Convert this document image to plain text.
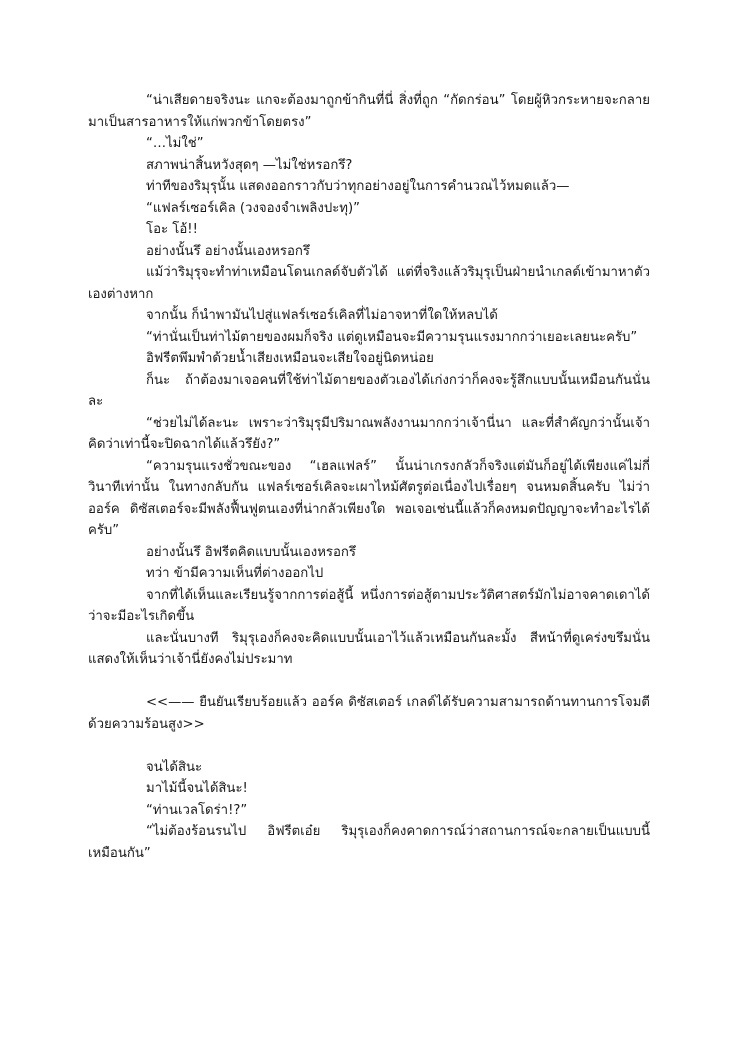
“น่าเสียดายจริงนะ แกจะต้องมาถูกข้ากินที่นี่ สิ่งที่ถูก “กัดกร่อน” โดยผู้หิวกระหายจะกลายมาเป็นสารอาหารให้แก่พวกข้าโดยตรง”

“…ไม่ใช่”

สภาพน่าสิ้นหวังสุดๆ —ไม่ใช่หรอกรึ?

ท่าทีของริมุรุนั้น แสดงออกราวกับว่าทุกอย่างอยู่ในการคำนวณไว้หมดแล้ว—

“แฟลร์เซอร์เคิล (วงจองจำเพลิงปะทุ)”

โอะ โอ้!!

อย่างนั้นรึ อย่างนั้นเองหรอกรึ

แม้ว่าริมุรุจะทำท่าเหมือนโดนเกลด์จับตัวได้ แต่ที่จริงแล้วริมุรุเป็นฝ่ายนำเกลด์เข้ามาหาตัวเองต่างหาก

จากนั้น ก็นำพามันไปสู่แฟลร์เซอร์เคิลที่ไม่อาจหาที่ใดให้หลบได้

“ท่านั่นเป็นท่าไม้ตายของผมก็จริง แต่ดูเหมือนจะมีความรุนแรงมากกว่าเยอะเลยนะครับ”

อิฟรีตพึมพำด้วยน้ำเสียงเหมือนจะเสียใจอยู่นิดหน่อย

ก็นะ ถ้าต้องมาเจอคนที่ใช้ท่าไม้ตายของตัวเองได้เก่งกว่าก็คงจะรู้สึกแบบนั้นเหมือนกันนั่นละ

“ช่วยไม่ได้ละนะ เพราะว่าริมุรุมีปริมาณพลังงานมากกว่าเจ้านี่นา และที่สำคัญกว่านั้นเจ้าคิดว่าเท่านี้จะปิดฉากได้แล้วรึยัง?”

“ความรุนแรงชั่วขณะของ “เฮลแฟลร์” นั้นน่าเกรงกลัวก็จริงแต่มันก็อยู่ได้เพียงแค่ไม่กี่วินาทีเท่านั้น ในทางกลับกัน แฟลร์เซอร์เคิลจะเผาไหม้ศัตรูต่อเนื่องไปเรื่อยๆ จนหมดสิ้นครับ ไม่ว่าออร์ค ดิซัสเตอร์จะมีพลังฟื้นฟูตนเองที่น่ากลัวเพียงใด พอเจอเช่นนี้แล้วก็คงหมดปัญญาจะทำอะไรได้ครับ”

อย่างนั้นรึ อิฟรีตคิดแบบนั้นเองหรอกรึ

ทว่า ข้ามีความเห็นที่ต่างออกไป

จากที่ได้เห็นและเรียนรู้จากการต่อสู้นี้ หนึ่งการต่อสู้ตามประวัติศาสตร์มักไม่อาจคาดเดาได้ว่าจะมีอะไรเกิดขึ้น

และนั่นบางที ริมุรุเองก็คงจะคิดแบบนั้นเอาไว้แล้วเหมือนกันละมั้ง สีหน้าที่ดูเคร่งขรึมนั่นแสดงให้เห็นว่าเจ้านี่ยังคงไม่ประมาท

<<—— ยืนยันเรียบร้อยแล้ว ออร์ค ดิซัสเตอร์ เกลด์ได้รับความสามารถด้านทานการโจมตีด้วยความร้อนสูง>>

จนได้สินะ

มาไม้นี้จนได้สินะ!

“ท่านเวลโดร่า!?”

“ไม่ต้องร้อนรนไป อิฟรีตเอ๋ย ริมุรุเองก็คงคาดการณ์ว่าสถานการณ์จะกลายเป็นแบบนี้เหมือนกัน”
